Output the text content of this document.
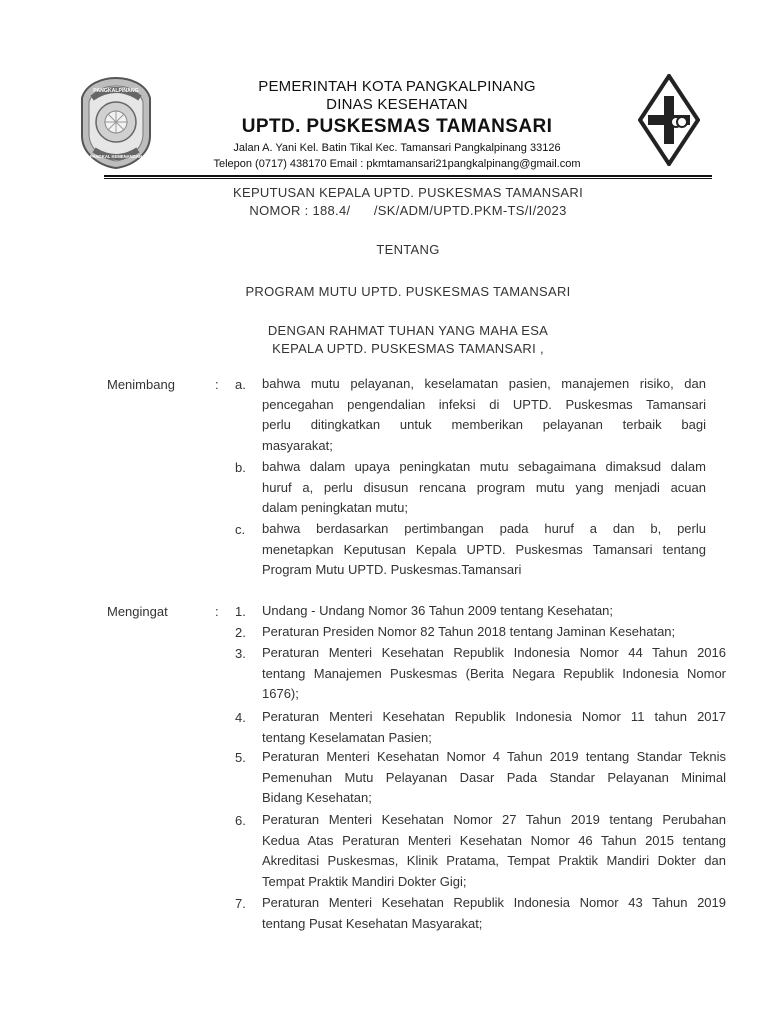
PANGKALPINANG
PANGKAL KEMENANGAN
PEMERINTAH KOTA PANGKALPINANG
DINAS KESEHATAN
UPTD. PUSKESMAS TAMANSARI
Jalan A. Yani Kel. Batin Tikal Kec. Tamansari Pangkalpinang 33126
Telepon (0717) 438170 Email : pkmtamansari21pangkalpinang@gmail.com
KEPUTUSAN KEPALA UPTD. PUSKESMAS TAMANSARI
NOMOR : 188.4/      /SK/ADM/UPTD.PKM-TS/I/2023
TENTANG
PROGRAM MUTU UPTD. PUSKESMAS TAMANSARI
DENGAN RAHMAT TUHAN YANG MAHA ESA
KEPALA UPTD. PUSKESMAS TAMANSARI ,
Menimbang	: a. bahwa mutu pelayanan, keselamatan pasien, manajemen risiko, dan
pencegahan pengendalian infeksi di UPTD. Puskesmas Tamansari
perlu ditingkatkan untuk memberikan pelayanan terbaik bagi
masyarakat;
b. bahwa dalam upaya peningkatan mutu sebagaimana dimaksud dalam
huruf a, perlu disusun rencana program mutu yang menjadi acuan
dalam peningkatan mutu;
c. bahwa berdasarkan pertimbangan pada huruf a dan b, perlu
menetapkan Keputusan Kepala UPTD. Puskesmas Tamansari tentang
Program Mutu UPTD. Puskesmas.Tamansari
Mengingat	: 1. Undang - Undang Nomor 36 Tahun 2009 tentang Kesehatan;
2. Peraturan Presiden Nomor 82 Tahun 2018 tentang Jaminan Kesehatan;
3. Peraturan Menteri Kesehatan Republik Indonesia Nomor 44 Tahun 2016
tentang Manajemen Puskesmas (Berita Negara Republik Indonesia Nomor
1676);
4. Peraturan Menteri Kesehatan Republik Indonesia Nomor 11 tahun 2017
tentang Keselamatan Pasien;
5. Peraturan Menteri Kesehatan Nomor 4 Tahun 2019 tentang Standar Teknis
Pemenuhan Mutu Pelayanan Dasar Pada Standar Pelayanan Minimal
Bidang Kesehatan;
6. Peraturan Menteri Kesehatan Nomor 27 Tahun 2019 tentang Perubahan
Kedua Atas Peraturan Menteri Kesehatan Nomor 46 Tahun 2015 tentang
Akreditasi Puskesmas, Klinik Pratama, Tempat Praktik Mandiri Dokter dan
Tempat Praktik Mandiri Dokter Gigi;
7. Peraturan Menteri Kesehatan Republik Indonesia Nomor 43 Tahun 2019
tentang Pusat Kesehatan Masyarakat;
